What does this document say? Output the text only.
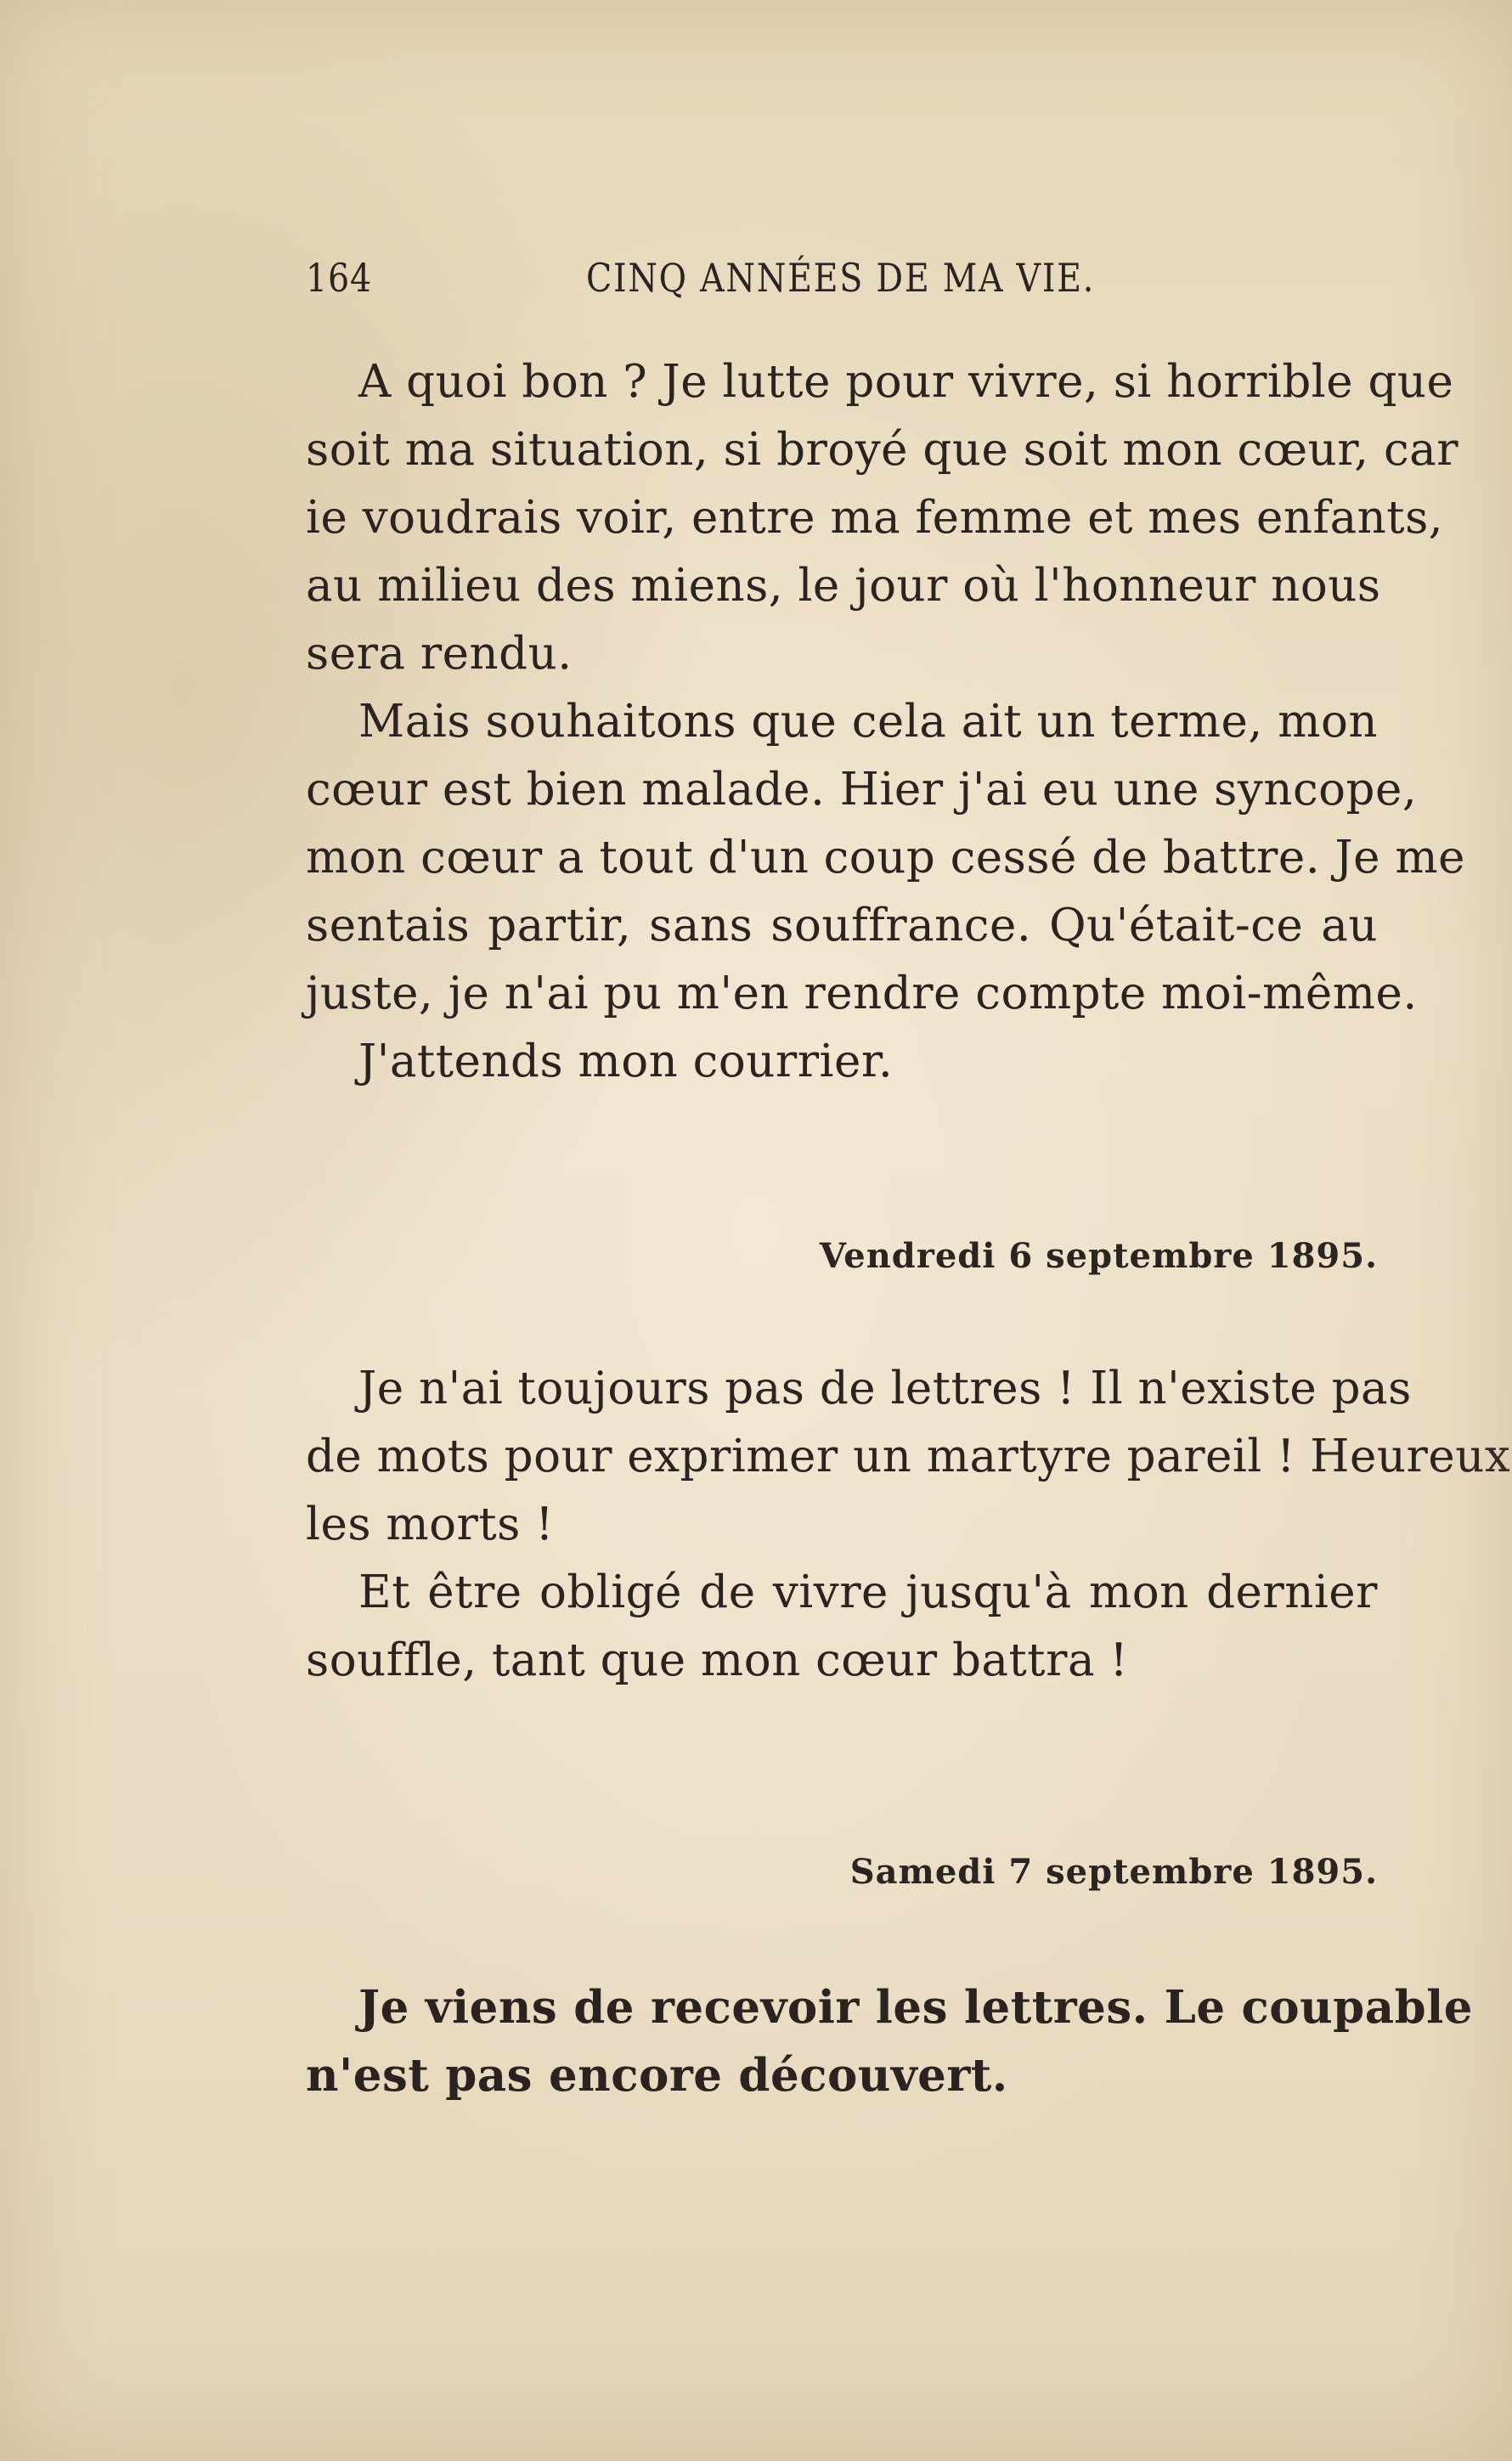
164	CINQ ANNÉES DE MA VIE.
A quoi bon ? Je lutte pour vivre, si horrible que
soit ma situation, si broyé que soit mon cœur, car
ie voudrais voir, entre ma femme et mes enfants,
au milieu des miens, le jour où l'honneur nous
sera rendu.
Mais souhaitons que cela ait un terme, mon
cœur est bien malade. Hier j'ai eu une syncope,
mon cœur a tout d'un coup cessé de battre. Je me
sentais partir, sans souffrance. Qu'était-ce au
juste, je n'ai pu m'en rendre compte moi-même.
J'attends mon courrier.
Vendredi 6 septembre 1895.
Je n'ai toujours pas de lettres ! Il n'existe pas
de mots pour exprimer un martyre pareil ! Heureux
les morts !
Et être obligé de vivre jusqu'à mon dernier
souffle, tant que mon cœur battra !
Samedi 7 septembre 1895.
Je viens de recevoir les lettres. Le coupable
n'est pas encore découvert.
